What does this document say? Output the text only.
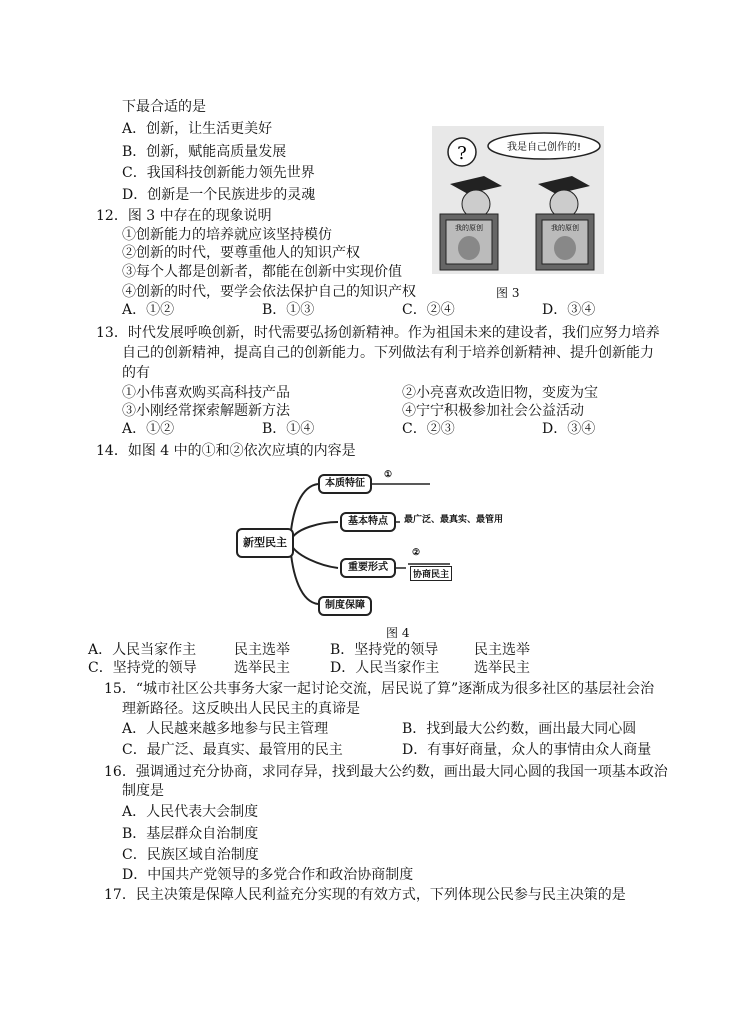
下最合适的是
A．创新，让生活更美好
B．创新，赋能高质量发展
C．我国科技创新能力领先世界
D．创新是一个民族进步的灵魂
12．图 3 中存在的现象说明
①创新能力的培养就应该坚持模仿
②创新的时代，要尊重他人的知识产权
③每个人都是创新者，都能在创新中实现价值
④创新的时代，要学会依法保护自己的知识产权
A．①②	B．①③	C．②④	D．③④
?	我是自己创作的!
我的原创	我的原创
图 3
13．时代发展呼唤创新，时代需要弘扬创新精神。作为祖国未来的建设者，我们应努力培养
自己的创新精神，提高自己的创新能力。下列做法有利于培养创新精神、提升创新能力
的有
①小伟喜欢购买高科技产品	②小亮喜欢改造旧物，变废为宝
③小刚经常探索解题新方法	④宁宁积极参加社会公益活动
A．①②	B．①④	C．②③	D．③④
14．如图 4 中的①和②依次应填的内容是
新型民主
本质特征
基本特点
重要形式
制度保障
①
最广泛、最真实、最管用
②
协商民主
图 4
A．人民当家作主	民主选举	B．坚持党的领导	民主选举
C．坚持党的领导	选举民主	D．人民当家作主 选举民主
15．“城市社区公共事务大家一起讨论交流，居民说了算”逐渐成为很多社区的基层社会治
理新路径。这反映出人民民主的真谛是
A．人民越来越多地参与民主管理	B．找到最大公约数，画出最大同心圆
C．最广泛、最真实、最管用的民主	D．有事好商量，众人的事情由众人商量
16．强调通过充分协商，求同存异，找到最大公约数，画出最大同心圆的我国一项基本政治
制度是
A．人民代表大会制度
B．基层群众自治制度
C．民族区域自治制度
D．中国共产党领导的多党合作和政治协商制度
17．民主决策是保障人民利益充分实现的有效方式，下列体现公民参与民主决策的是
